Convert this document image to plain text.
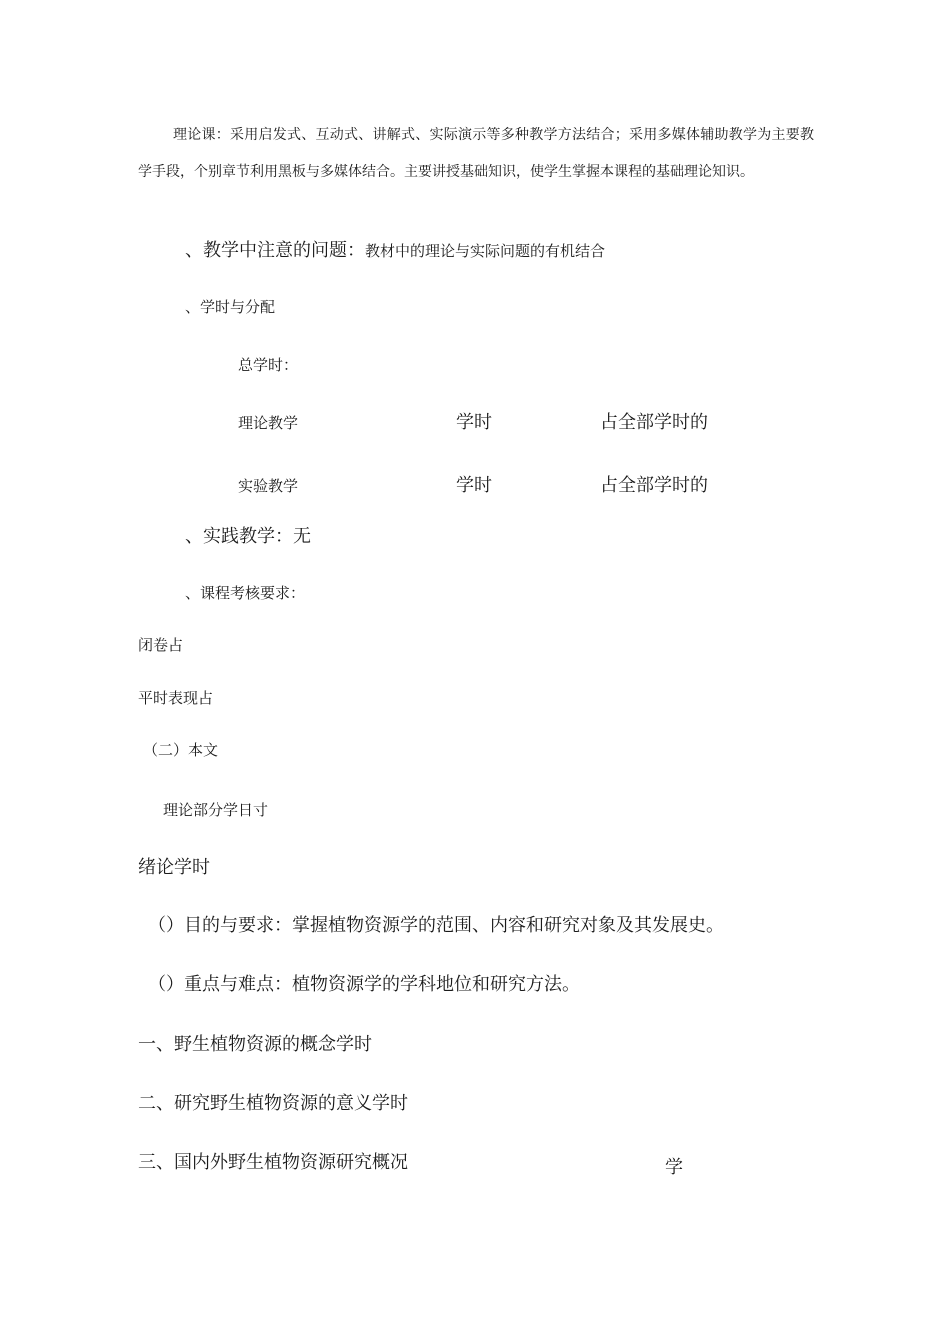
理论课：采用启发式、互动式、讲解式、实际演示等多种教学方法结合；采用多媒体辅助教学为主要教学手段，个别章节利用黑板与多媒体结合。主要讲授基础知识，使学生掌握本课程的基础理论知识。

、教学中注意的问题：教材中的理论与实际问题的有机结合
、学时与分配
总学时：
理论教学	学时	占全部学时的
实验教学	学时	占全部学时的
、实践教学：无
、课程考核要求：
闭卷占
平时表现占
（二）本文
理论部分学日寸
绪论学时
（）目的与要求：掌握植物资源学的范围、内容和研究对象及其发展史。
（）重点与难点：植物资源学的学科地位和研究方法。
一、野生植物资源的概念学时
二、研究野生植物资源的意义学时
三、国内外野生植物资源研究概况	学
